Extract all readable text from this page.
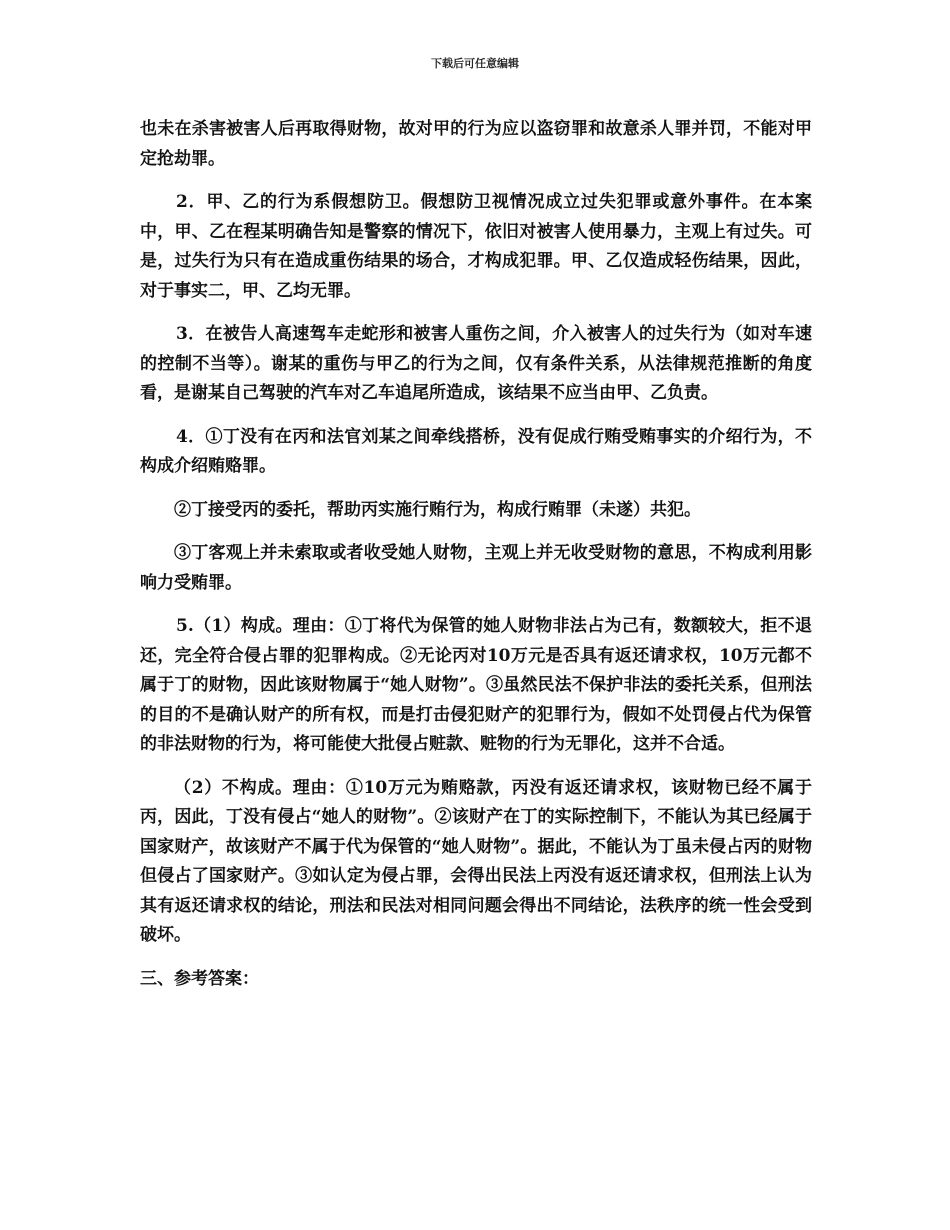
下载后可任意编辑

也未在杀害被害人后再取得财物，故对甲的行为应以盗窃罪和故意杀人罪并罚，不能对甲定抢劫罪。

2．甲、乙的行为系假想防卫。假想防卫视情况成立过失犯罪或意外事件。在本案中，甲、乙在程某明确告知是警察的情况下，依旧对被害人使用暴力，主观上有过失。可是，过失行为只有在造成重伤结果的场合，才构成犯罪。甲、乙仅造成轻伤结果，因此，对于事实二，甲、乙均无罪。

3．在被告人高速驾车走蛇形和被害人重伤之间，介入被害人的过失行为（如对车速的控制不当等）。谢某的重伤与甲乙的行为之间，仅有条件关系，从法律规范推断的角度看，是谢某自己驾驶的汽车对乙车追尾所造成，该结果不应当由甲、乙负责。

4．①丁没有在丙和法官刘某之间牵线搭桥，没有促成行贿受贿事实的介绍行为，不构成介绍贿赂罪。

②丁接受丙的委托，帮助丙实施行贿行为，构成行贿罪（未遂）共犯。

③丁客观上并未索取或者收受她人财物，主观上并无收受财物的意思，不构成利用影响力受贿罪。

5.（1）构成。理由：①丁将代为保管的她人财物非法占为己有，数额较大，拒不退还，完全符合侵占罪的犯罪构成。②无论丙对10万元是否具有返还请求权，10万元都不属于丁的财物，因此该财物属于“她人财物”。③虽然民法不保护非法的委托关系，但刑法的目的不是确认财产的所有权，而是打击侵犯财产的犯罪行为，假如不处罚侵占代为保管的非法财物的行为，将可能使大批侵占赃款、赃物的行为无罪化，这并不合适。

（2）不构成。理由：①10万元为贿赂款，丙没有返还请求权，该财物已经不属于丙，因此，丁没有侵占“她人的财物”。②该财产在丁的实际控制下，不能认为其已经属于国家财产，故该财产不属于代为保管的“她人财物”。据此，不能认为丁虽未侵占丙的财物但侵占了国家财产。③如认定为侵占罪，会得出民法上丙没有返还请求权，但刑法上认为其有返还请求权的结论，刑法和民法对相同问题会得出不同结论，法秩序的统一性会受到破坏。

三、参考答案：
